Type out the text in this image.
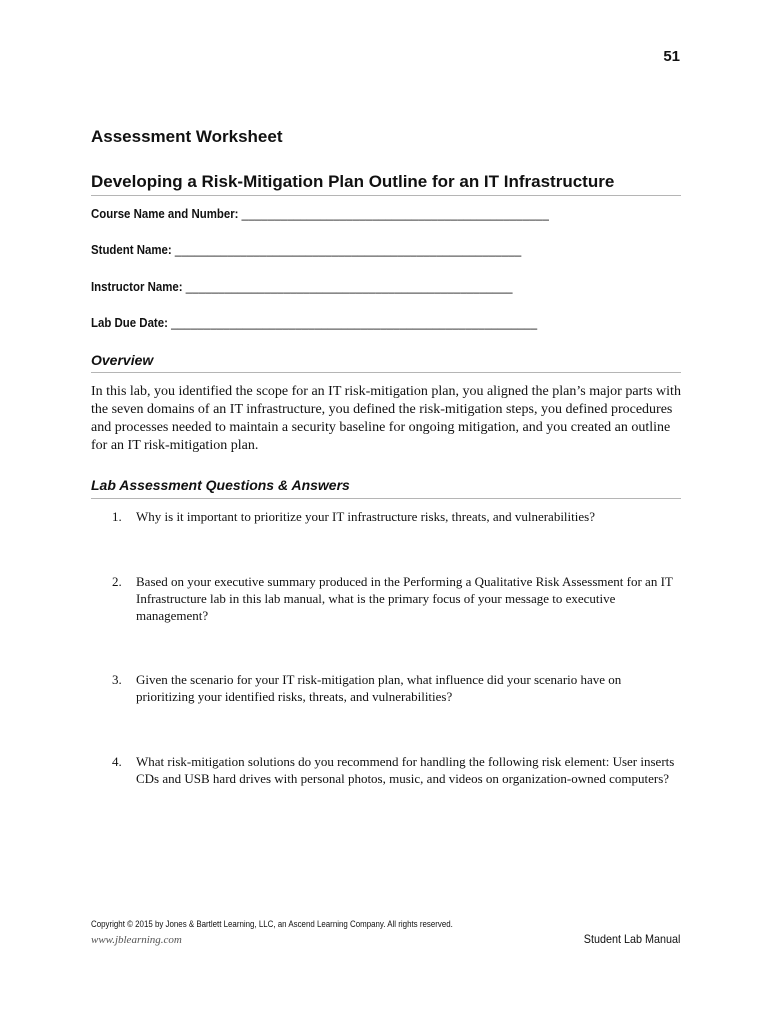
51
Assessment Worksheet
Developing a Risk-Mitigation Plan Outline for an IT Infrastructure
Course Name and Number: _______________________________________________
Student Name: _____________________________________________________
Instructor Name: __________________________________________________
Lab Due Date: ________________________________________________________
Overview

In this lab, you identified the scope for an IT risk-mitigation plan, you aligned the plan’s major parts with the seven domains of an IT infrastructure, you defined the risk-mitigation steps, you defined procedures and processes needed to maintain a security baseline for ongoing mitigation, and you created an outline for an IT risk-mitigation plan.

Lab Assessment Questions & Answers
1.	Why is it important to prioritize your IT infrastructure risks, threats, and vulnerabilities?
2.	Based on your executive summary produced in the Performing a Qualitative Risk Assessment for an IT Infrastructure lab in this lab manual, what is the primary focus of your message to executive management?
3.	Given the scenario for your IT risk-mitigation plan, what influence did your scenario have on prioritizing your identified risks, threats, and vulnerabilities?
4.	What risk-mitigation solutions do you recommend for handling the following risk element: User inserts CDs and USB hard drives with personal photos, music, and videos on organization-owned computers?
Copyright © 2015 by Jones & Bartlett Learning, LLC, an Ascend Learning Company. All rights reserved.
www.jblearning.com	Student Lab Manual
